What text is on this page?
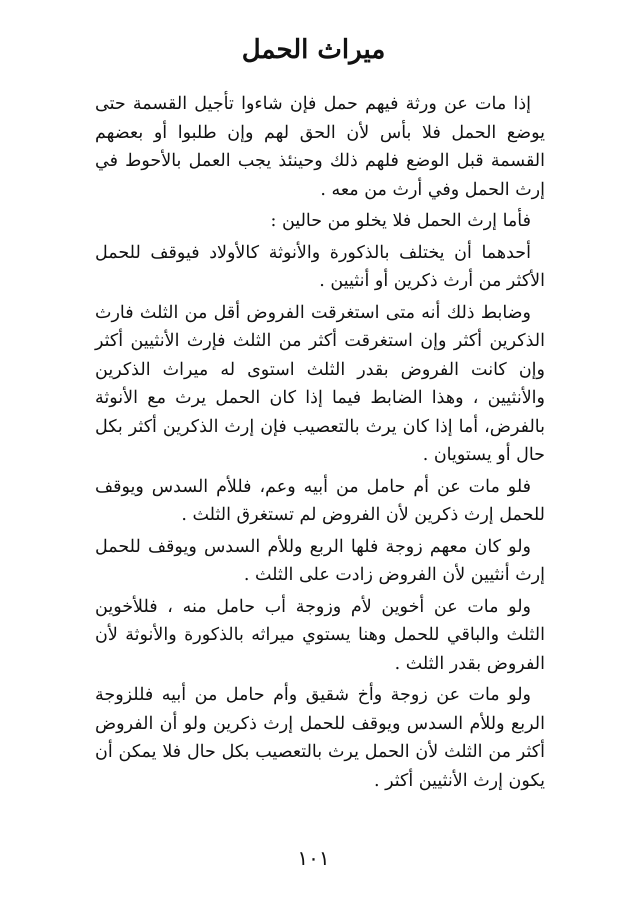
ميراث الحمل

إذا مات عن ورثة فيهم حمل فإن شاءوا تأجيل القسمة حتى يوضع الحمل فلا بأس لأن الحق لهم وإن طلبوا أو بعضهم القسمة قبل الوضع فلهم ذلك وحينئذ يجب العمل بالأحوط في إرث الحمل وفي أرث من معه .

فأما إرث الحمل فلا يخلو من حالين :

أحدهما أن يختلف بالذكورة والأنوثة كالأولاد فيوقف للحمل الأكثر من أرث ذكرين أو أنثيين .

وضابط ذلك أنه متى استغرقت الفروض أقل من الثلث فارث الذكرين أكثر وإن استغرقت أكثر من الثلث فإرث الأنثيين أكثر وإن كانت الفروض بقدر الثلث استوى له ميراث الذكرين والأنثيين ، وهذا الضابط فيما إذا كان الحمل يرث مع الأنوثة بالفرض، أما إذا كان يرث بالتعصيب فإن إرث الذكرين أكثر بكل حال أو يستويان .

فلو مات عن أم حامل من أبيه وعم، فللأم السدس ويوقف للحمل إرث ذكرين لأن الفروض لم تستغرق الثلث .

ولو كان معهم زوجة فلها الربع وللأم السدس ويوقف للحمل إرث أنثيين لأن الفروض زادت على الثلث .

ولو مات عن أخوين لأم وزوجة أب حامل منه ، فللأخوين الثلث والباقي للحمل وهنا يستوي ميراثه بالذكورة والأنوثة لأن الفروض بقدر الثلث .

ولو مات عن زوجة وأخ شقيق وأم حامل من أبيه فللزوجة الربع وللأم السدس ويوقف للحمل إرث ذكرين ولو أن الفروض أكثر من الثلث لأن الحمل يرث بالتعصيب بكل حال فلا يمكن أن يكون إرث الأنثيين أكثر .

١٠١
